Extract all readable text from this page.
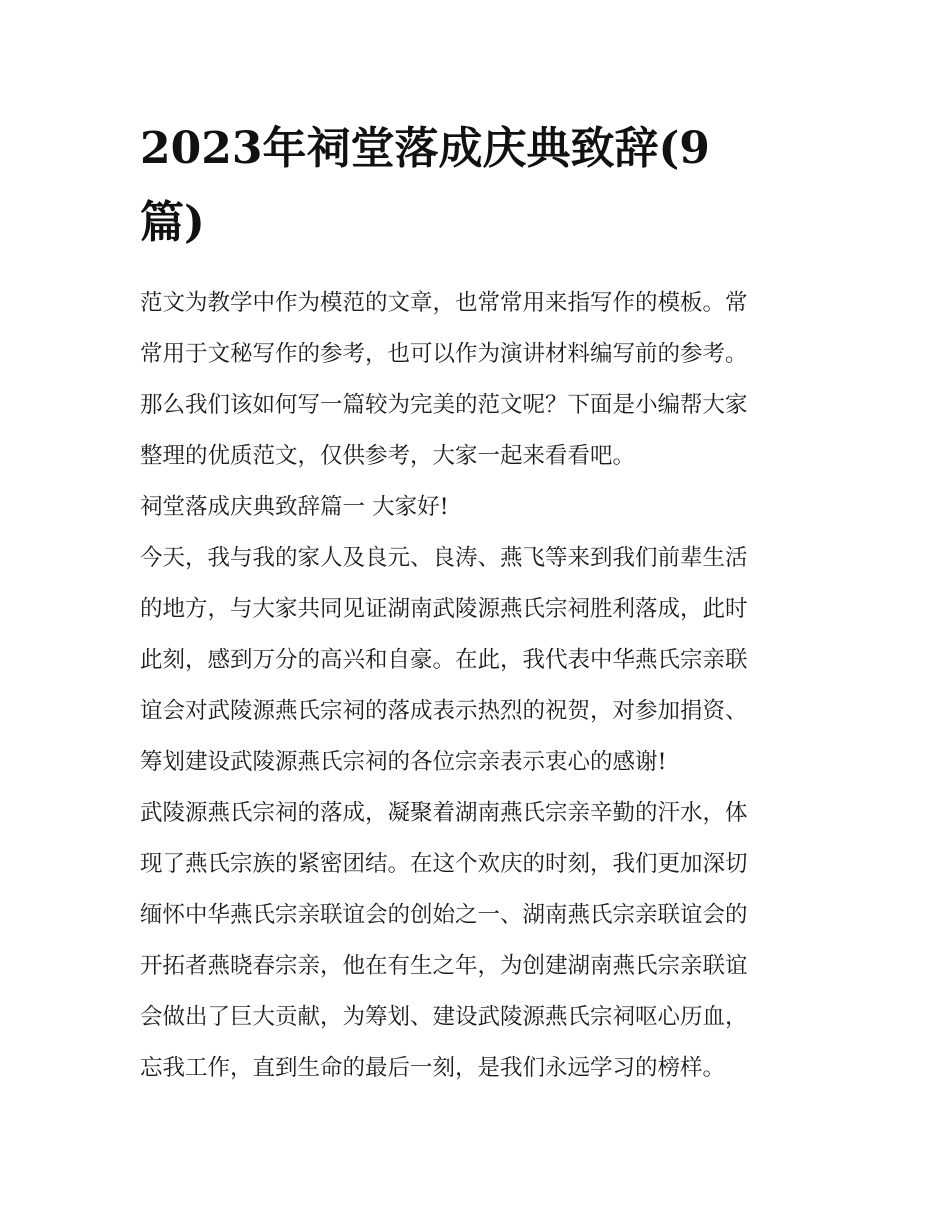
2023年祠堂落成庆典致辞(9
篇)
范文为教学中作为模范的文章，也常常用来指写作的模板。常
常用于文秘写作的参考，也可以作为演讲材料编写前的参考。
那么我们该如何写一篇较为完美的范文呢？下面是小编帮大家
整理的优质范文，仅供参考，大家一起来看看吧。
祠堂落成庆典致辞篇一 大家好!
今天，我与我的家人及良元、良涛、燕飞等来到我们前辈生活
的地方，与大家共同见证湖南武陵源燕氏宗祠胜利落成，此时
此刻，感到万分的高兴和自豪。在此，我代表中华燕氏宗亲联
谊会对武陵源燕氏宗祠的落成表示热烈的祝贺，对参加捐资、
筹划建设武陵源燕氏宗祠的各位宗亲表示衷心的感谢!
武陵源燕氏宗祠的落成，凝聚着湖南燕氏宗亲辛勤的汗水，体
现了燕氏宗族的紧密团结。在这个欢庆的时刻，我们更加深切
缅怀中华燕氏宗亲联谊会的创始之一、湖南燕氏宗亲联谊会的
开拓者燕晓春宗亲，他在有生之年，为创建湖南燕氏宗亲联谊
会做出了巨大贡献，为筹划、建设武陵源燕氏宗祠呕心历血，
忘我工作，直到生命的最后一刻，是我们永远学习的榜样。
